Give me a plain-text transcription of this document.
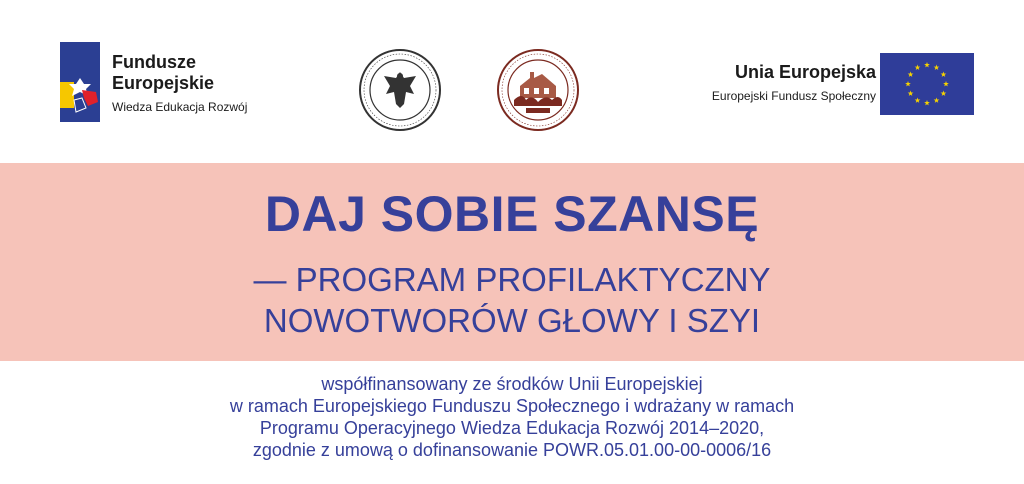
Fundusze
Europejskie
Wiedza Edukacja Rozwój
Unia Europejska
Europejski Fundusz Społeczny
DAJ SOBIE SZANSĘ
— PROGRAM PROFILAKTYCZNY
NOWOTWORÓW GŁOWY I SZYI
współfinansowany ze środków Unii Europejskiej
w ramach Europejskiego Funduszu Społecznego i wdrażany w ramach
Programu Operacyjnego Wiedza Edukacja Rozwój 2014–2020,
zgodnie z umową o dofinansowanie POWR.05.01.00-00-0006/16
